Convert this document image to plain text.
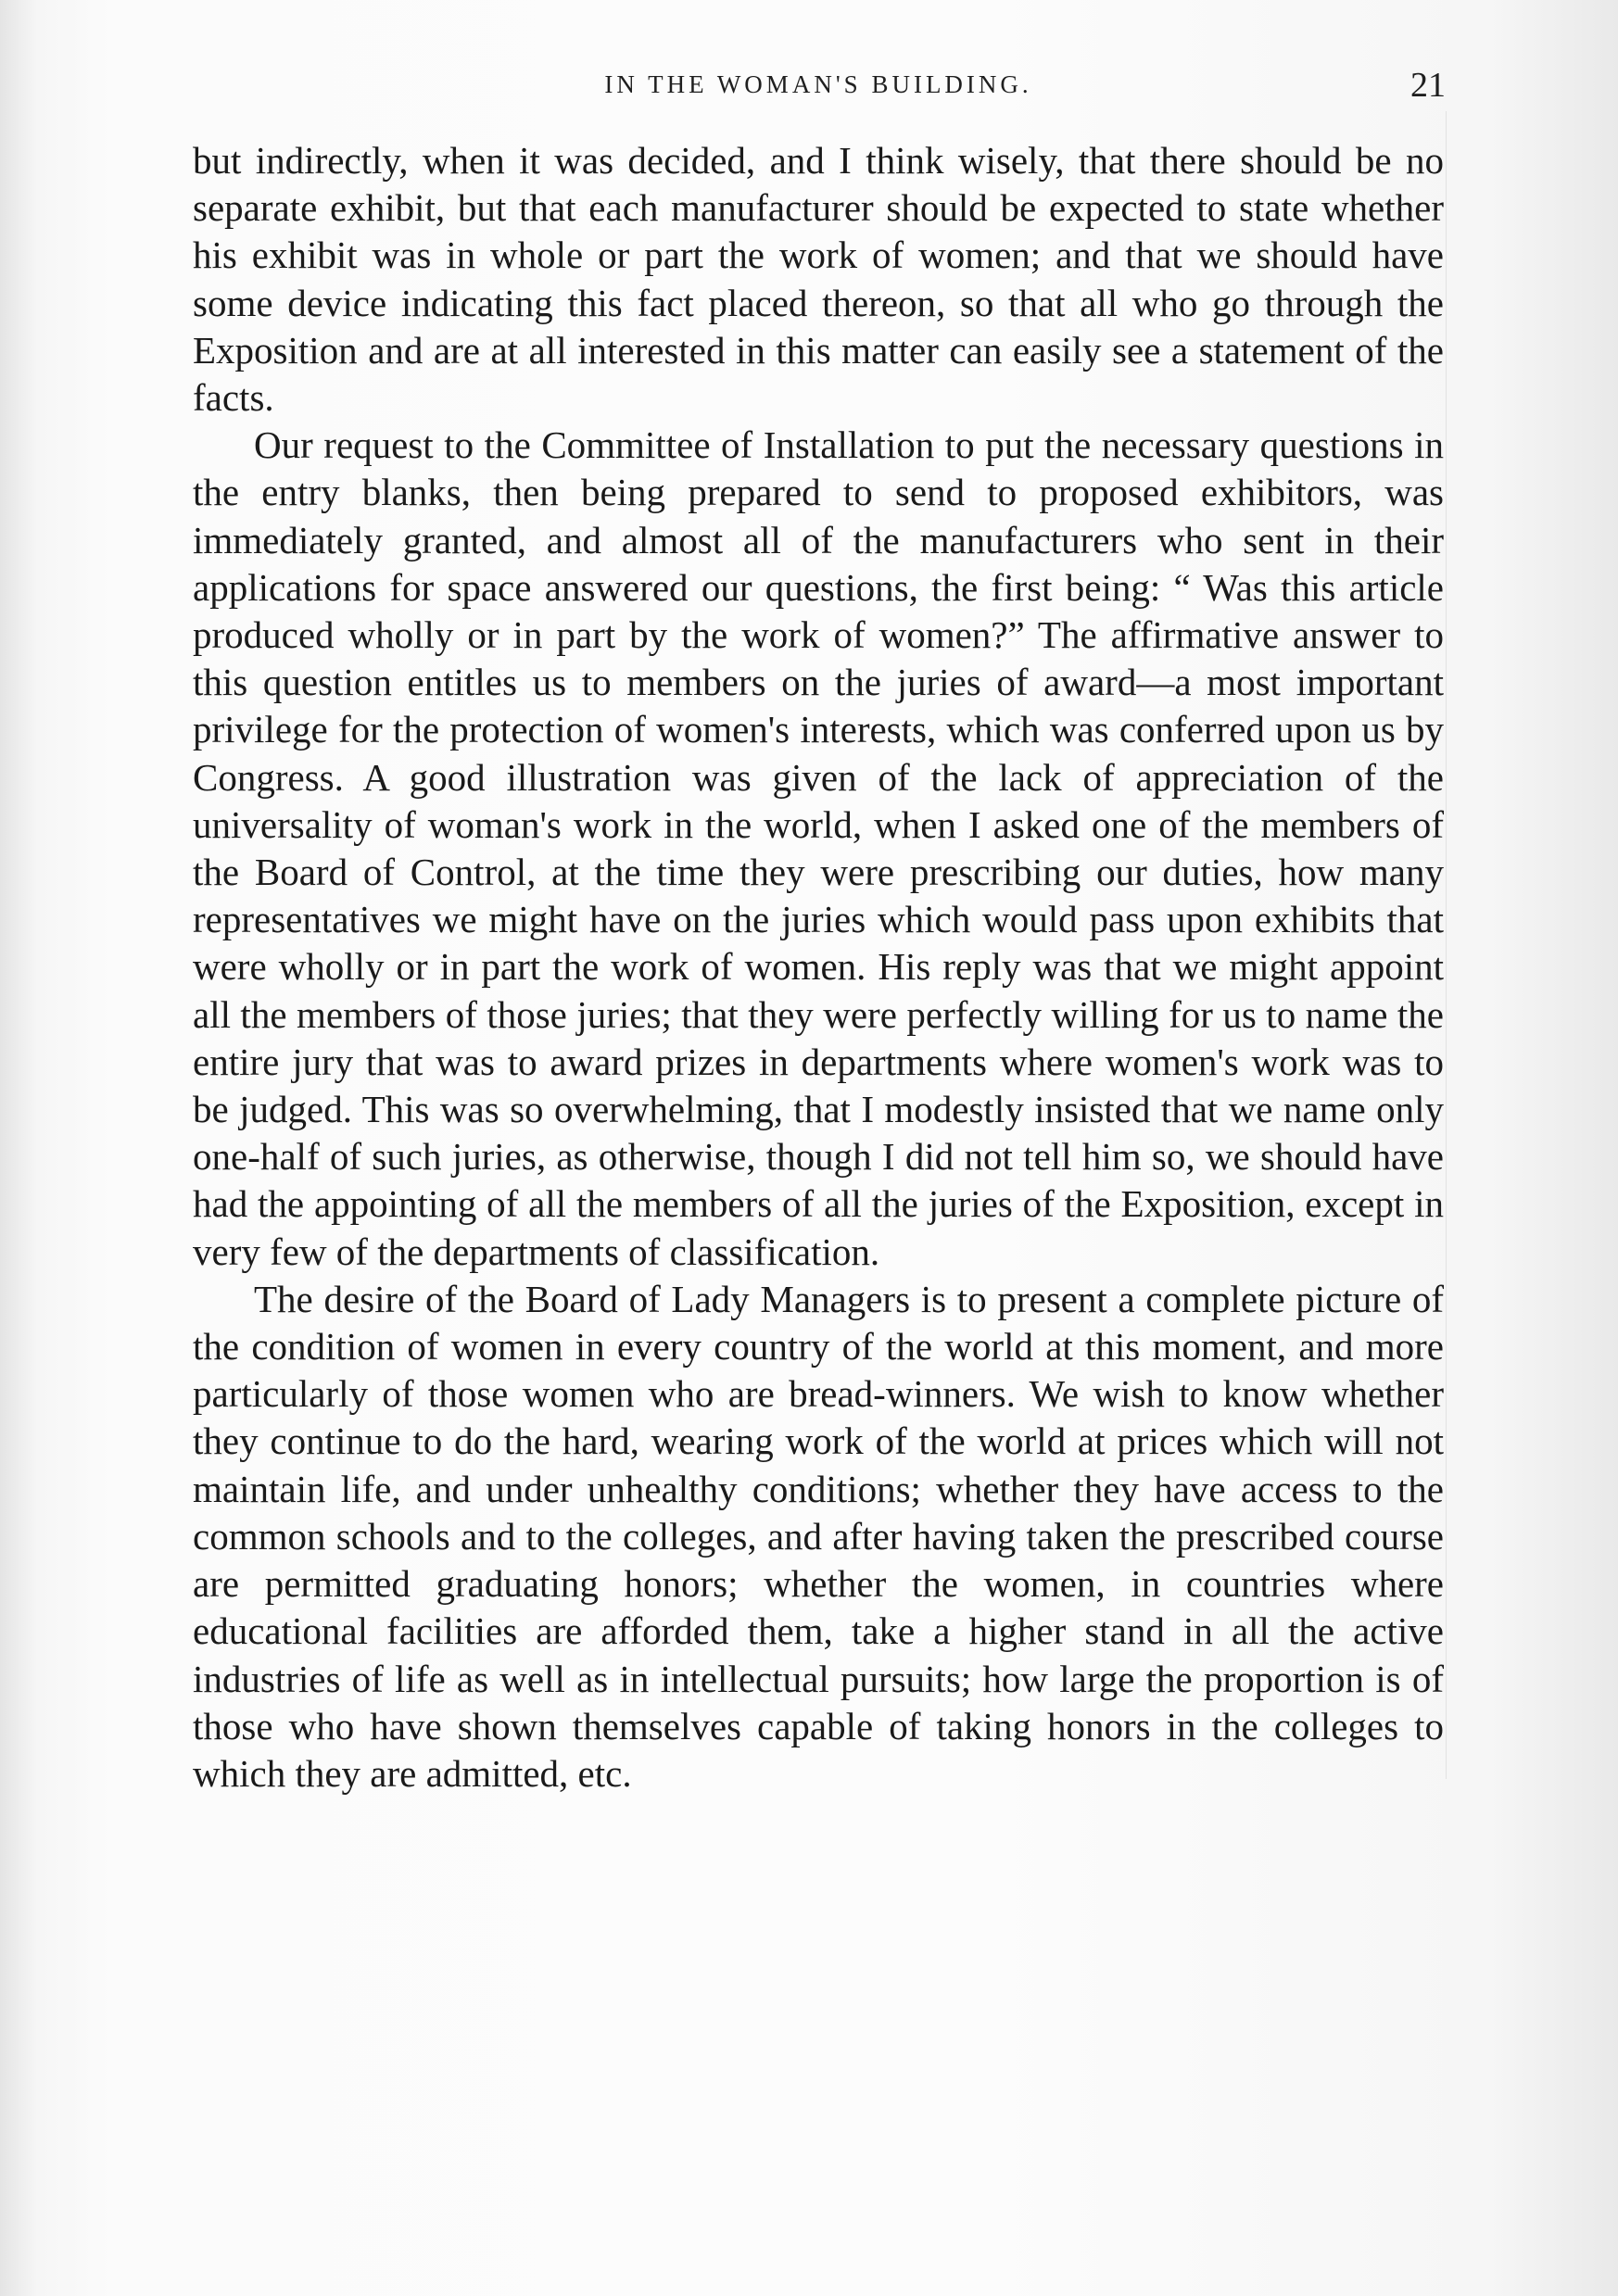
IN THE WOMAN'S BUILDING.	21

but indirectly, when it was decided, and I think wisely, that there should be no separate exhibit, but that each manufacturer should be expected to state whether his exhibit was in whole or part the work of women; and that we should have some device indicating this fact placed thereon, so that all who go through the Exposition and are at all interested in this matter can easily see a statement of the facts.

Our request to the Committee of Installation to put the necessary questions in the entry blanks, then being prepared to send to proposed exhibitors, was immediately granted, and almost all of the manufacturers who sent in their applications for space answered our questions, the first being: “ Was this article produced wholly or in part by the work of women?” The affirmative answer to this question entitles us to members on the juries of award—a most important privilege for the protection of women's interests, which was conferred upon us by Congress. A good illustration was given of the lack of appreciation of the universality of woman's work in the world, when I asked one of the members of the Board of Control, at the time they were prescribing our duties, how many representatives we might have on the juries which would pass upon exhibits that were wholly or in part the work of women. His reply was that we might appoint all the members of those juries; that they were perfectly willing for us to name the entire jury that was to award prizes in departments where women's work was to be judged. This was so overwhelming, that I modestly insisted that we name only one-half of such juries, as otherwise, though I did not tell him so, we should have had the appointing of all the members of all the juries of the Exposition, except in very few of the departments of classification.

The desire of the Board of Lady Managers is to present a complete picture of the condition of women in every country of the world at this moment, and more particularly of those women who are bread-winners. We wish to know whether they continue to do the hard, wearing work of the world at prices which will not maintain life, and under unhealthy conditions; whether they have access to the common schools and to the colleges, and after having taken the prescribed course are permitted graduating honors; whether the women, in countries where educational facilities are afforded them, take a higher stand in all the active industries of life as well as in intellectual pursuits; how large the proportion is of those who have shown themselves capable of taking honors in the colleges to which they are admitted, etc.
